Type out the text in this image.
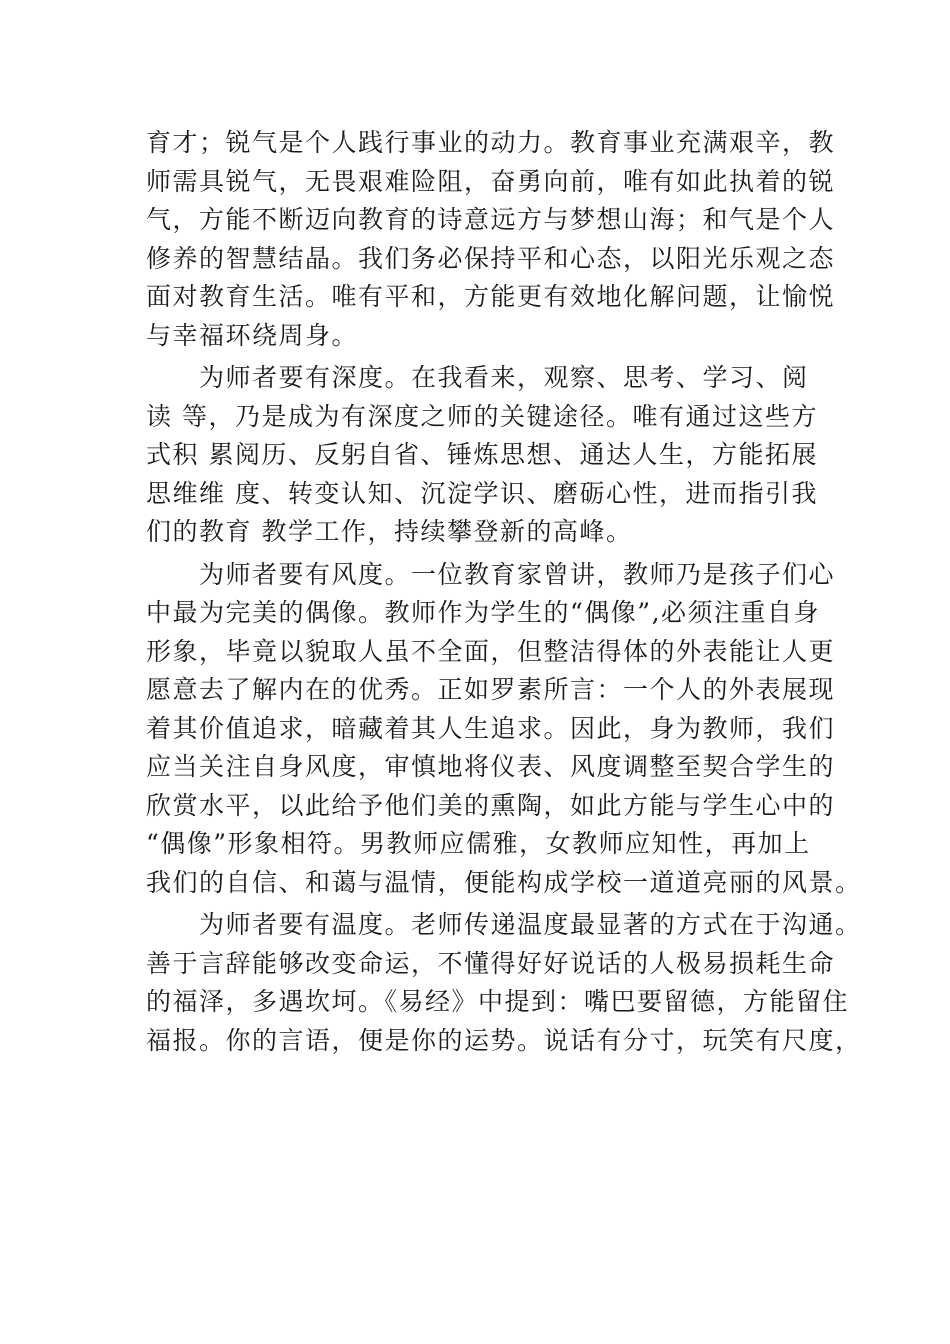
育才；锐气是个人践行事业的动力。教育事业充满艰辛，教
师需具锐气，无畏艰难险阻，奋勇向前，唯有如此执着的锐
气，方能不断迈向教育的诗意远方与梦想山海；和气是个人
修养的智慧结晶。我们务必保持平和心态，以阳光乐观之态
面对教育生活。唯有平和，方能更有效地化解问题，让愉悦
与幸福环绕周身。
　　为师者要有深度。在我看来，观察、思考、学习、阅
读 等，乃是成为有深度之师的关键途径。唯有通过这些方
式积 累阅历、反躬自省、锤炼思想、通达人生，方能拓展
思维维 度、转变认知、沉淀学识、磨砺心性，进而指引我
们的教育 教学工作，持续攀登新的高峰。
　　为师者要有风度。一位教育家曾讲，教师乃是孩子们心
中最为完美的偶像。教师作为学生的“偶像”,必须注重自身
形象，毕竟以貌取人虽不全面，但整洁得体的外表能让人更
愿意去了解内在的优秀。正如罗素所言：一个人的外表展现
着其价值追求，暗藏着其人生追求。因此，身为教师，我们
应当关注自身风度，审慎地将仪表、风度调整至契合学生的
欣赏水平，以此给予他们美的熏陶，如此方能与学生心中的
“偶像”形象相符。男教师应儒雅，女教师应知性，再加上
我们的自信、和蔼与温情，便能构成学校一道道亮丽的风景。
　　为师者要有温度。老师传递温度最显著的方式在于沟通。
善于言辞能够改变命运，不懂得好好说话的人极易损耗生命
的福泽，多遇坎坷。《易经》中提到：嘴巴要留德，方能留住
福报。你的言语，便是你的运势。说话有分寸，玩笑有尺度，
